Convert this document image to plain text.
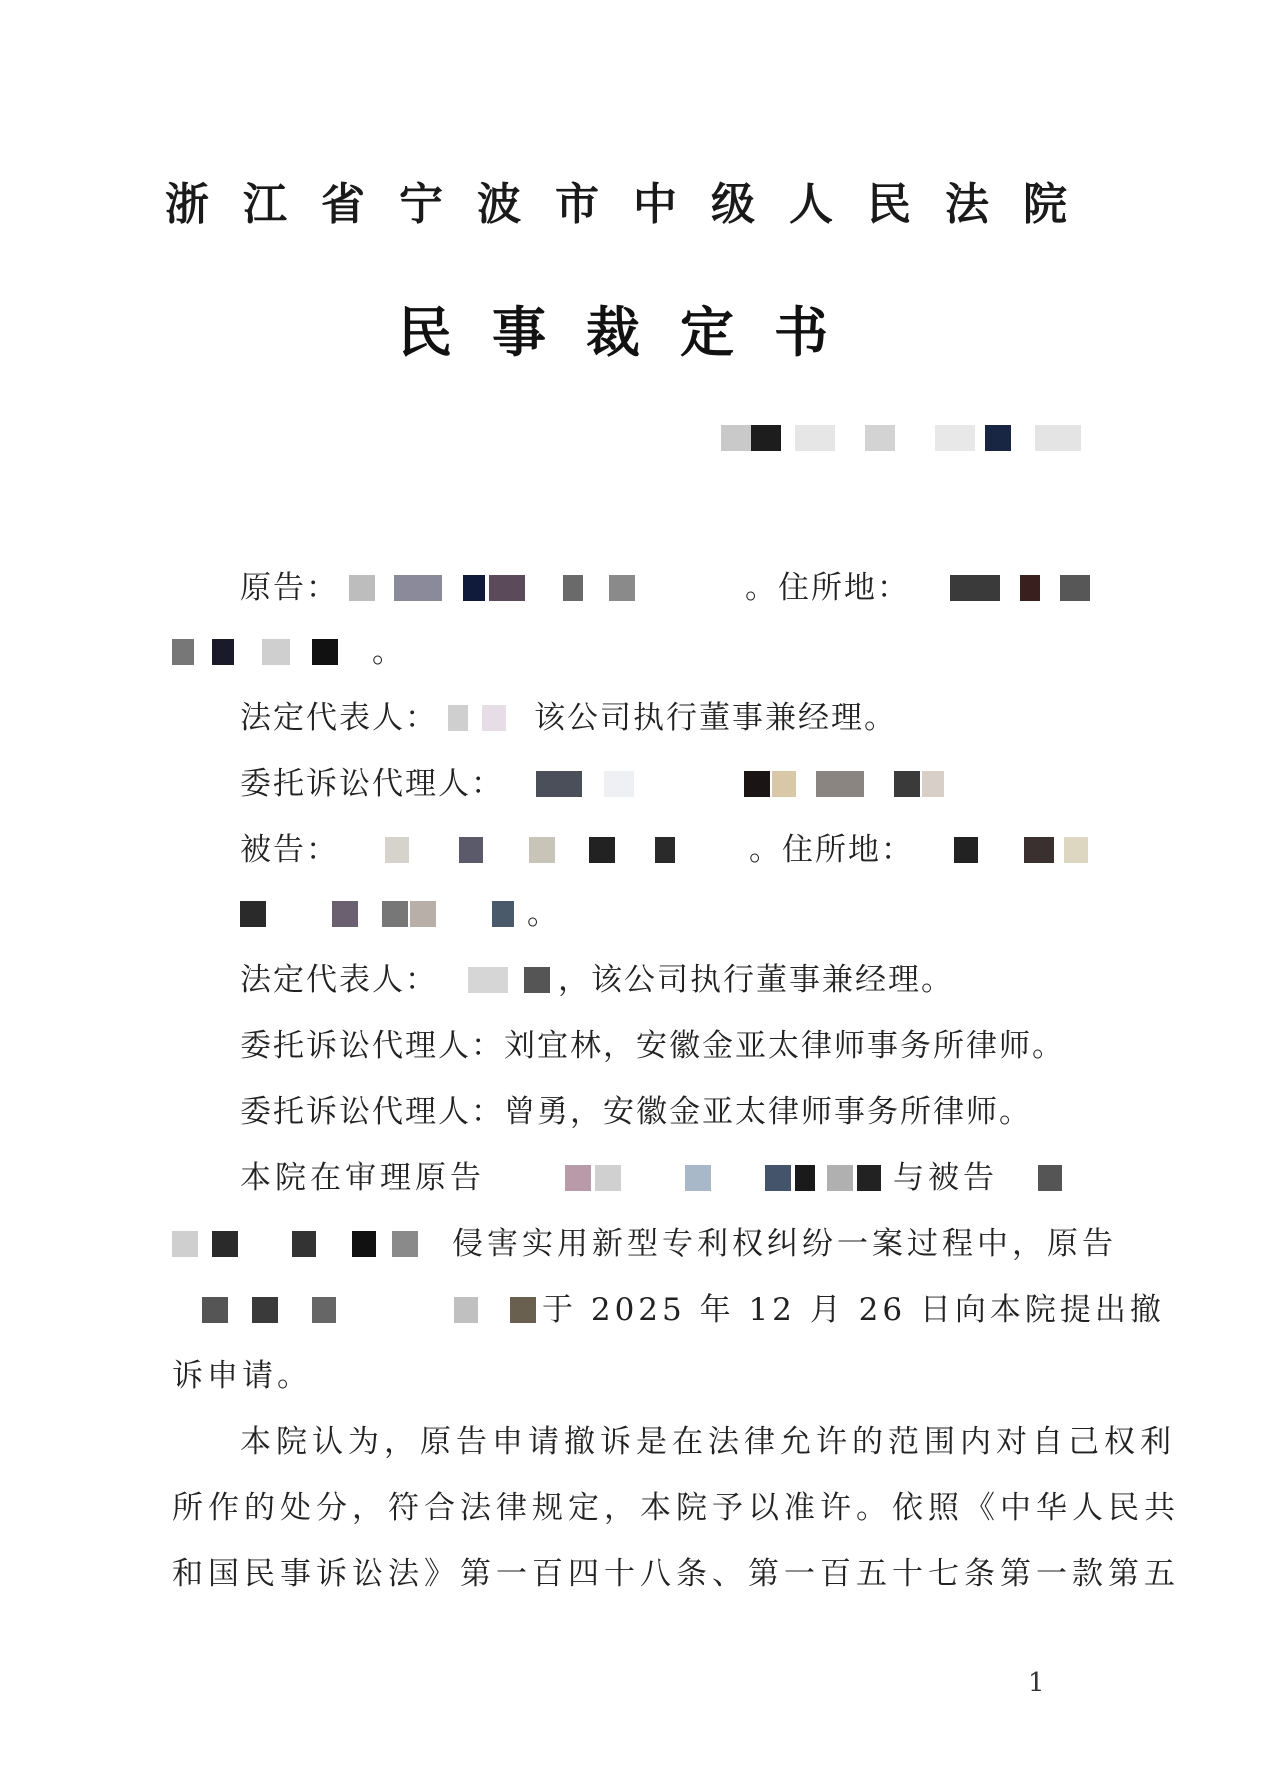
浙江省宁波市中级人民法院
民事裁定书
原告：	。住所地：
。
法定代表人：	该公司执行董事兼经理。
委托诉讼代理人：
被告：	。住所地：
。
法定代表人：	，该公司执行董事兼经理。
委托诉讼代理人：刘宜林，安徽金亚太律师事务所律师。
委托诉讼代理人：曾勇，安徽金亚太律师事务所律师。
本院在审理原告	与被告
侵害实用新型专利权纠纷一案过程中，原告
于 2025 年 12 月 26 日向本院提出撤
诉申请。
本院认为，原告申请撤诉是在法律允许的范围内对自己权利
所作的处分，符合法律规定，本院予以准许。依照《中华人民共
和国民事诉讼法》第一百四十八条、第一百五十七条第一款第五
1
